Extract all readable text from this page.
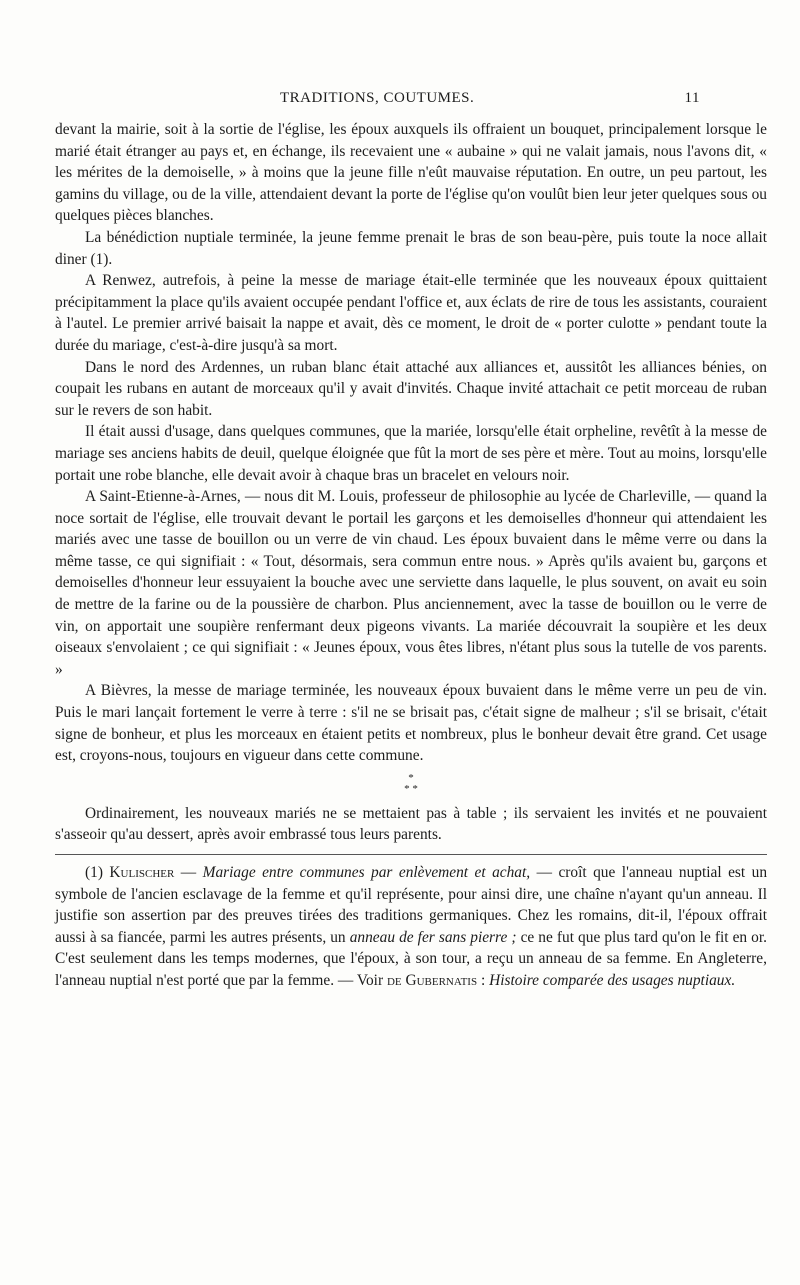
TRADITIONS, COUTUMES.	11

devant la mairie, soit à la sortie de l'église, les époux auxquels ils offraient un bouquet, principalement lorsque le marié était étranger au pays et, en échange, ils recevaient une « aubaine » qui ne valait jamais, nous l'avons dit, « les mérites de la demoiselle, » à moins que la jeune fille n'eût mauvaise réputation. En outre, un peu partout, les gamins du village, ou de la ville, attendaient devant la porte de l'église qu'on voulût bien leur jeter quelques sous ou quelques pièces blanches.

La bénédiction nuptiale terminée, la jeune femme prenait le bras de son beau-père, puis toute la noce allait diner (1).

A Renwez, autrefois, à peine la messe de mariage était-elle terminée que les nouveaux époux quittaient précipitamment la place qu'ils avaient occupée pendant l'office et, aux éclats de rire de tous les assistants, couraient à l'autel. Le premier arrivé baisait la nappe et avait, dès ce moment, le droit de « porter culotte » pendant toute la durée du mariage, c'est-à-dire jusqu'à sa mort.

Dans le nord des Ardennes, un ruban blanc était attaché aux alliances et, aussitôt les alliances bénies, on coupait les rubans en autant de morceaux qu'il y avait d'invités. Chaque invité attachait ce petit morceau de ruban sur le revers de son habit.

Il était aussi d'usage, dans quelques communes, que la mariée, lorsqu'elle était orpheline, revêtît à la messe de mariage ses anciens habits de deuil, quelque éloignée que fût la mort de ses père et mère. Tout au moins, lorsqu'elle portait une robe blanche, elle devait avoir à chaque bras un bracelet en velours noir.

A Saint-Etienne-à-Arnes, — nous dit M. Louis, professeur de philosophie au lycée de Charleville, — quand la noce sortait de l'église, elle trouvait devant le portail les garçons et les demoiselles d'honneur qui attendaient les mariés avec une tasse de bouillon ou un verre de vin chaud. Les époux buvaient dans le même verre ou dans la même tasse, ce qui signifiait : « Tout, désormais, sera commun entre nous. » Après qu'ils avaient bu, garçons et demoiselles d'honneur leur essuyaient la bouche avec une serviette dans laquelle, le plus souvent, on avait eu soin de mettre de la farine ou de la poussière de charbon. Plus anciennement, avec la tasse de bouillon ou le verre de vin, on apportait une soupière renfermant deux pigeons vivants. La mariée découvrait la soupière et les deux oiseaux s'envolaient ; ce qui signifiait : « Jeunes époux, vous êtes libres, n'étant plus sous la tutelle de vos parents. »

A Bièvres, la messe de mariage terminée, les nouveaux époux buvaient dans le même verre un peu de vin. Puis le mari lançait fortement le verre à terre : s'il ne se brisait pas, c'était signe de malheur ; s'il se brisait, c'était signe de bonheur, et plus les morceaux en étaient petits et nombreux, plus le bonheur devait être grand. Cet usage est, croyons-nous, toujours en vigueur dans cette commune.

*
* *

Ordinairement, les nouveaux mariés ne se mettaient pas à table ; ils servaient les invités et ne pouvaient s'asseoir qu'au dessert, après avoir embrassé tous leurs parents.

(1) Kulischer — Mariage entre communes par enlèvement et achat, — croît que l'anneau nuptial est un symbole de l'ancien esclavage de la femme et qu'il représente, pour ainsi dire, une chaîne n'ayant qu'un anneau. Il justifie son assertion par des preuves tirées des traditions germaniques. Chez les romains, dit-il, l'époux offrait aussi à sa fiancée, parmi les autres présents, un anneau de fer sans pierre ; ce ne fut que plus tard qu'on le fit en or. C'est seulement dans les temps modernes, que l'époux, à son tour, a reçu un anneau de sa femme. En Angleterre, l'anneau nuptial n'est porté que par la femme. — Voir de Gubernatis : Histoire comparée des usages nuptiaux.
